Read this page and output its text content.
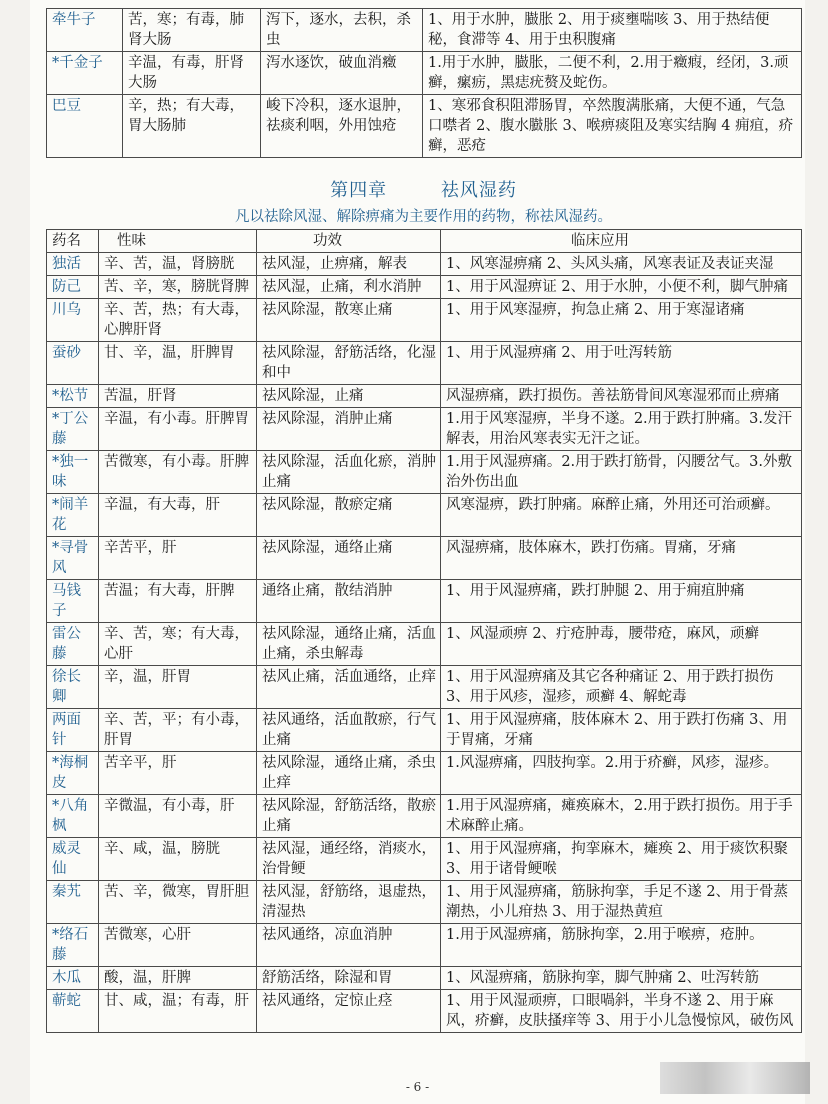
牵牛子	苦，寒；有毒，肺肾大肠	泻下，逐水，去积，杀虫	1、用于水肿，臌胀 2、用于痰壅喘咳 3、用于热结便秘，食滞等 4、用于虫积腹痛
*千金子	辛温，有毒，肝肾大肠	泻水逐饮，破血消癥	1.用于水肿，臌胀，二便不利，2.用于癥瘕，经闭，3.顽癣，瘰疬，黑痣疣赘及蛇伤。
巴豆	辛，热；有大毒，胃大肠肺	峻下冷积，逐水退肿，祛痰利咽，外用蚀疮	1、寒邪食积阻滞肠胃，卒然腹满胀痛，大便不通，气急口噤者 2、腹水臌胀 3、喉痹痰阻及寒实结胸 4 痈疽，疥癣，恶疮
第四章        祛风湿药
凡以祛除风湿、解除痹痛为主要作用的药物，称祛风湿药。
药名	性味	功效	临床应用
独活	辛、苦，温，肾膀胱	祛风湿，止痹痛，解表	1、风寒湿痹痛 2、头风头痛，风寒表证及表证夹湿
防己	苦、辛，寒，膀胱肾脾	祛风湿，止痛，利水消肿	1、用于风湿痹证 2、用于水肿，小便不利，脚气肿痛
川乌	辛、苦，热；有大毒，心脾肝肾	祛风除湿，散寒止痛	1、用于风寒湿痹，拘急止痛 2、用于寒湿诸痛
蚕砂	甘、辛，温，肝脾胃	祛风除湿，舒筋活络，化湿和中	1、用于风湿痹痛 2、用于吐泻转筋
*松节	苦温，肝肾	祛风除湿，止痛	风湿痹痛，跌打损伤。善祛筋骨间风寒湿邪而止痹痛
*丁公藤	辛温，有小毒。肝脾胃	祛风除湿，消肿止痛	1.用于风寒湿痹，半身不遂。2.用于跌打肿痛。3.发汗解表，用治风寒表实无汗之证。
*独一味	苦微寒，有小毒。肝脾	祛风除湿，活血化瘀，消肿止痛	1.用于风湿痹痛。2.用于跌打筋骨，闪腰岔气。3.外敷治外伤出血
*闹羊花	辛温，有大毒，肝	祛风除湿，散瘀定痛	风寒湿痹，跌打肿痛。麻醉止痛，外用还可治顽癣。
*寻骨风	辛苦平，肝	祛风除湿，通络止痛	风湿痹痛，肢体麻木，跌打伤痛。胃痛，牙痛
马钱子	苦温；有大毒，肝脾	通络止痛，散结消肿	1、用于风湿痹痛，跌打肿腿 2、用于痈疽肿痛
雷公藤	辛、苦，寒；有大毒，心肝	祛风除湿，通络止痛，活血止痛，杀虫解毒	1、风湿顽痹 2、疔疮肿毒，腰带疮，麻风，顽癣
徐长卿	辛，温，肝胃	祛风止痛，活血通络，止痒	1、用于风湿痹痛及其它各种痛证 2、用于跌打损伤 3、用于风疹，湿疹，顽癣 4、解蛇毒
两面针	辛、苦，平；有小毒，肝胃	祛风通络，活血散瘀，行气止痛	1、用于风湿痹痛，肢体麻木 2、用于跌打伤痛 3、用于胃痛，牙痛
*海桐皮	苦辛平，肝	祛风除湿，通络止痛，杀虫止痒	1.风湿痹痛，四肢拘挛。2.用于疥癣，风疹，湿疹。
*八角枫	辛微温，有小毒，肝	祛风除湿，舒筋活络，散瘀止痛	1.用于风湿痹痛，瘫痪麻木，2.用于跌打损伤。用于手术麻醉止痛。
威灵仙	辛、咸，温，膀胱	祛风湿，通经络，消痰水，治骨鲠	1、用于风湿痹痛，拘挛麻木，瘫痪 2、用于痰饮积聚 3、用于诸骨鲠喉
秦艽	苦、辛，微寒，胃肝胆	祛风湿，舒筋络，退虚热，清湿热	1、用于风湿痹痛，筋脉拘挛，手足不遂 2、用于骨蒸潮热，小儿疳热 3、用于湿热黄疸
*络石藤	苦微寒，心肝	祛风通络，凉血消肿	1.用于风湿痹痛，筋脉拘挛，2.用于喉痹，疮肿。
木瓜	酸，温，肝脾	舒筋活络，除湿和胃	1、风湿痹痛，筋脉拘挛，脚气肿痛 2、吐泻转筋
蕲蛇	甘、咸，温；有毒，肝	祛风通络，定惊止痉	1、用于风湿顽痹，口眼喎斜，半身不遂 2、用于麻风，疥癣，皮肤搔痒等 3、用于小儿急慢惊风，破伤风
- 6 -
